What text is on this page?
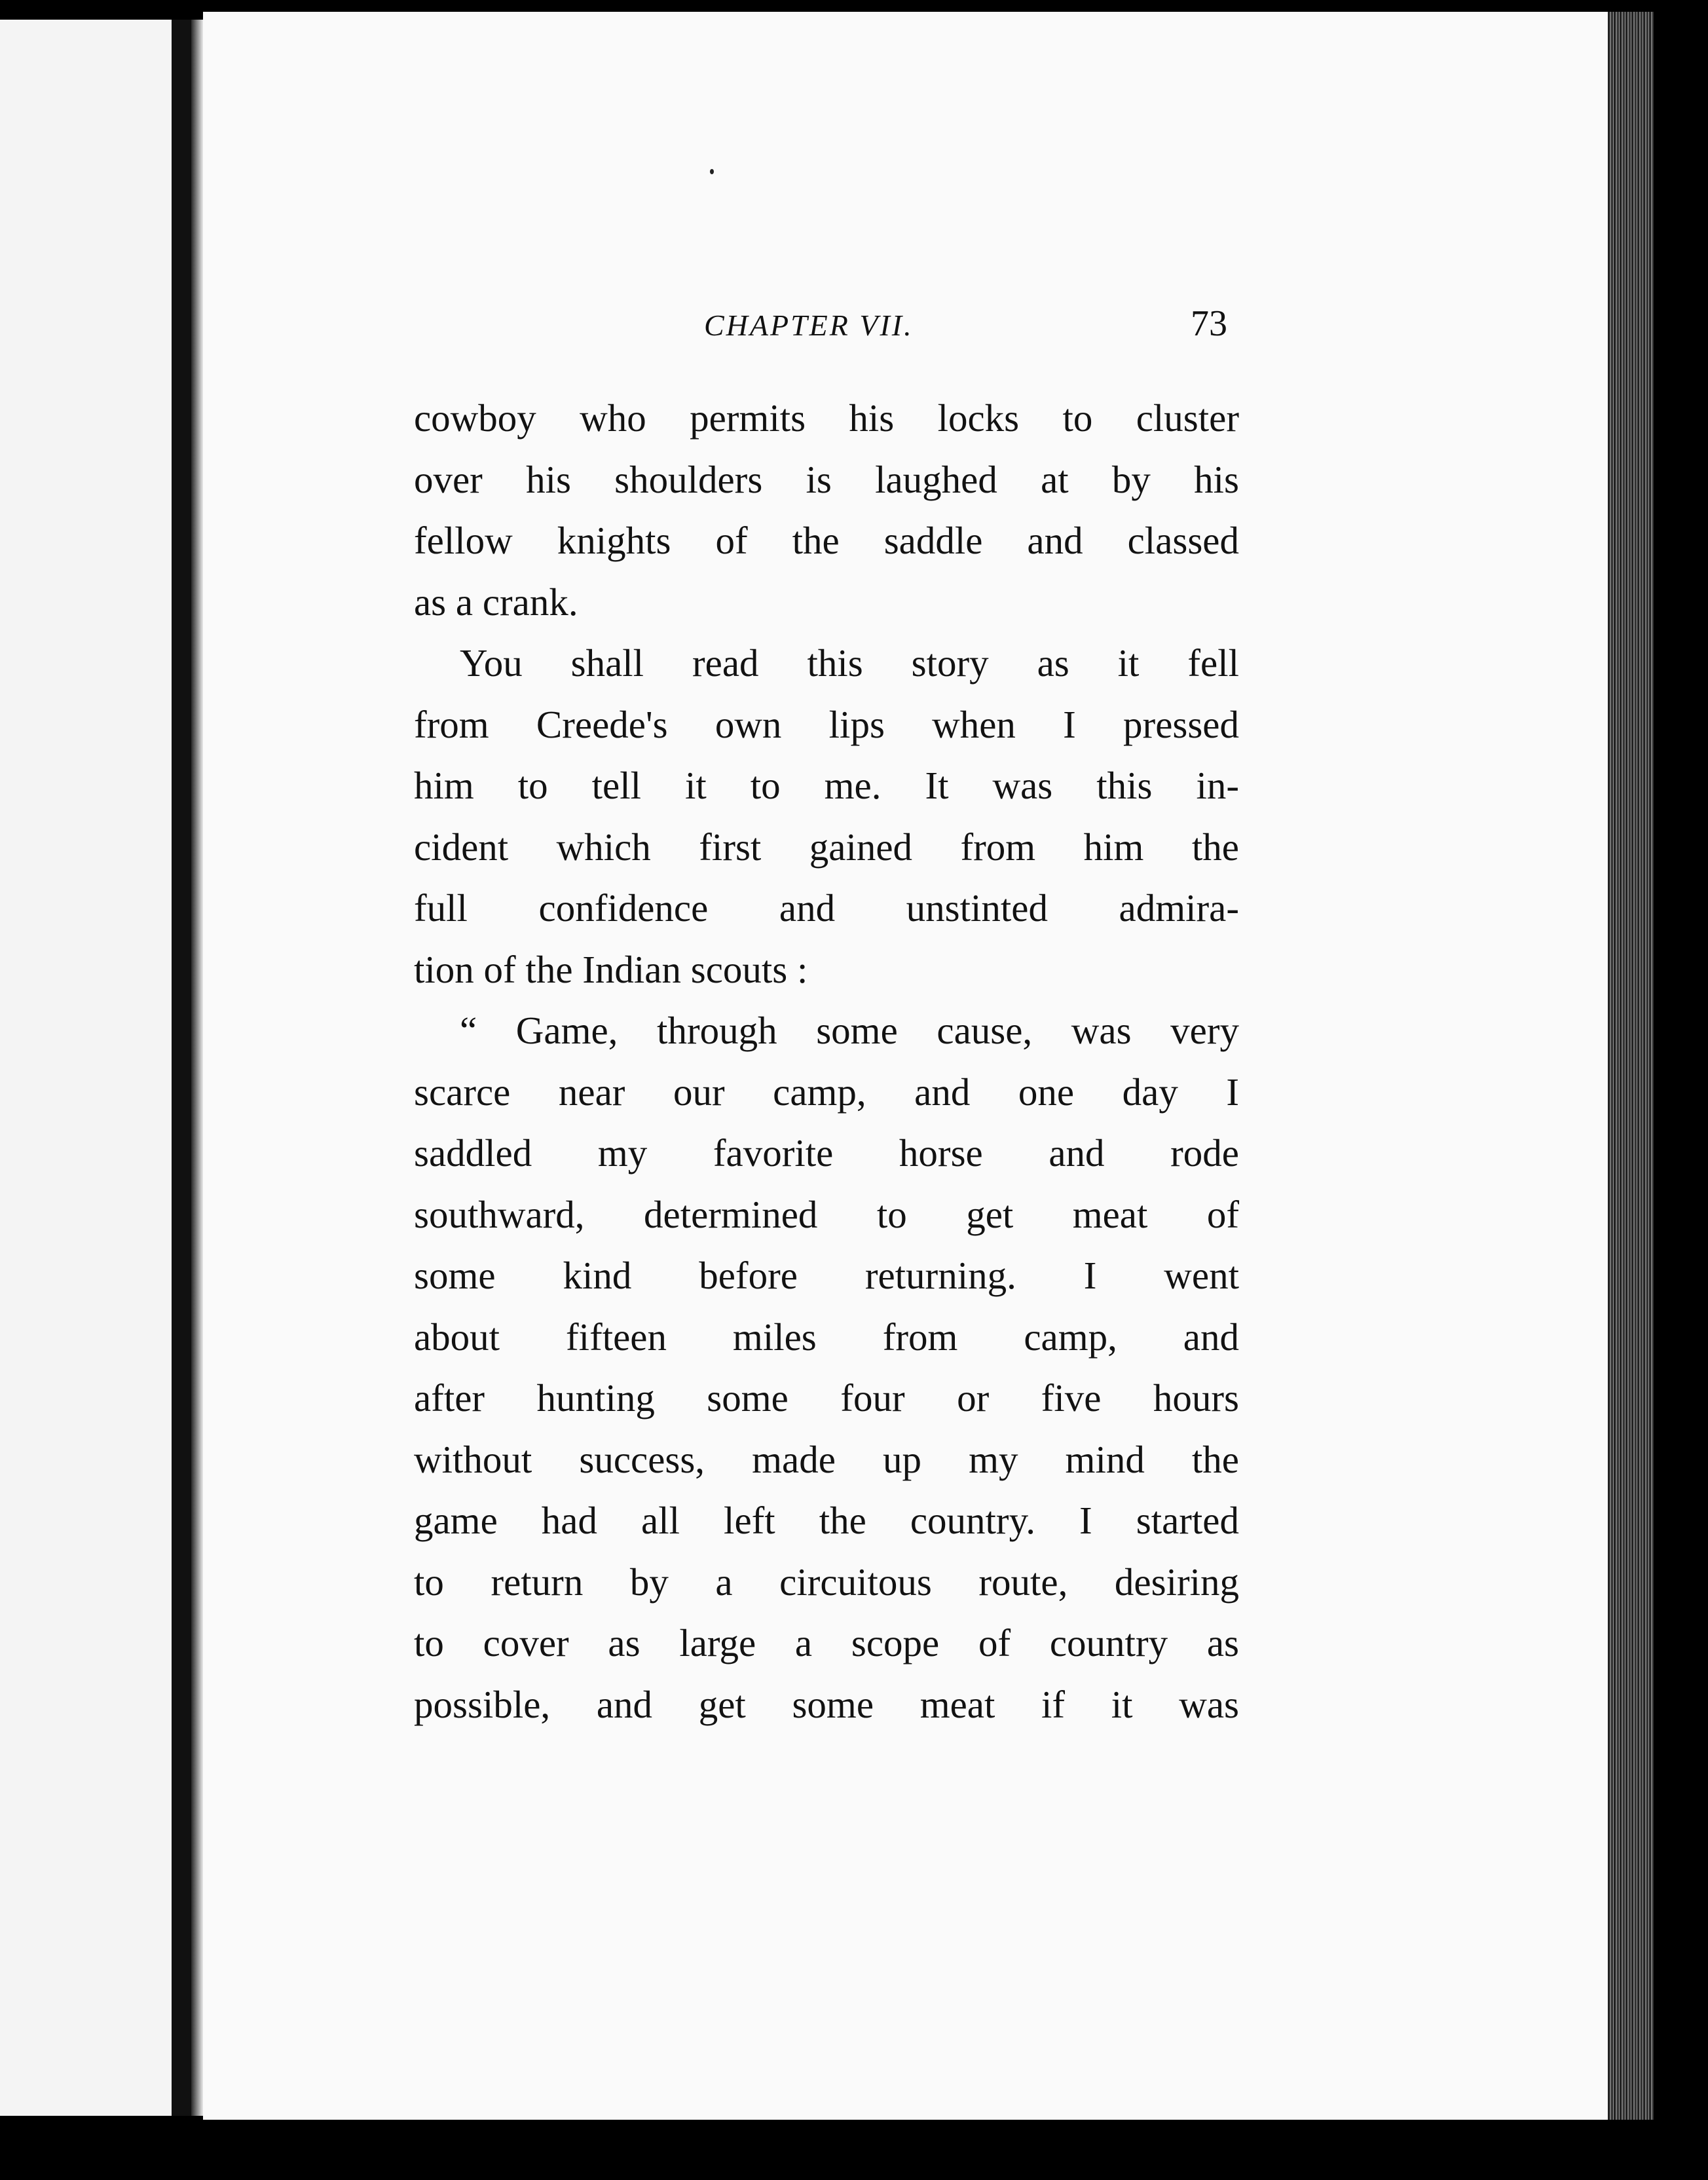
CHAPTER VII.	73
cowboy who permits his locks to cluster
over his shoulders is laughed at by his
fellow knights of the saddle and classed
as a crank.
You shall read this story as it fell
from Creede's own lips when I pressed
him to tell it to me. It was this in-
cident which first gained from him the
full confidence and unstinted admira-
tion of the Indian scouts :
“ Game, through some cause, was very
scarce near our camp, and one day I
saddled my favorite horse and rode
southward, determined to get meat of
some kind before returning. I went
about fifteen miles from camp, and
after hunting some four or five hours
without success, made up my mind the
game had all left the country. I started
to return by a circuitous route, desiring
to cover as large a scope of country as
possible, and get some meat if it was
